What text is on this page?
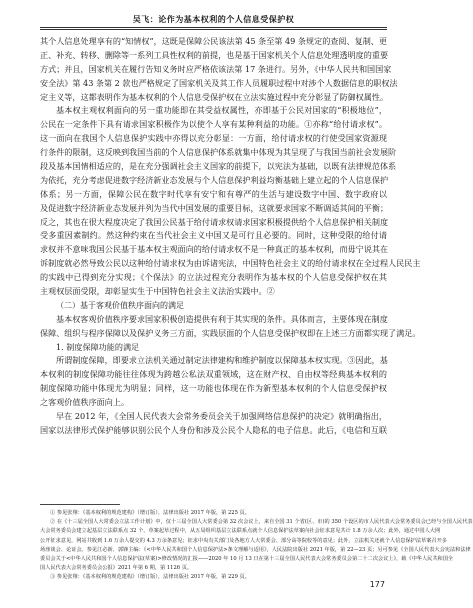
吴飞：论作为基本权利的个人信息受保护权
其个人信息处理享有的“知情权”，这既是保障公民该法第 45 条至第 49 条规定的查阅、复制、更
正、补充、转移、删除等一系列工具性权利的前提，也是基于国家机关个人信息处理透明度的重要
方式；并且，国家机关在履行告知义务时应严格依该法第 17 条进行。另外，《中华人民共和国国家
安全法》第 43 条第 2 款也严格规定了国家机关及其工作人员履职过程中对涉个人数据信息的职权法
定主义等，这都表明作为基本权利的个人信息受保护权在立法实施过程中充分彰显了防御权属性。
基本权主观权利面向的另一重功能即在其受益权属性，亦即基于公民对国家的“积极地位”，
公民在一定条件下具有请求国家积极作为以使个人享有某种利益的功能。①亦称“给付请求权”。
这一面向在我国个人信息保护实践中亦得以充分彰显：一方面，给付请求权的行使受国家资源现
行条件的限制，这反映到我国当前的个人信息保护体系就集中体现为其呈现了与我国当前社会发展阶
段及基本国情相适应的，是在充分强调社会主义国家的前提下，以宪法为基础，以既有法律规范体系
为依托，充分考虑促进数字经济新业态发展与个人信息保护利益均衡基础上建立起的个人信息保护
体系；另一方面，保障公民在数字时代享有安宁和有尊严的生活与建设数字中国、数字政府以
及促进数字经济新业态发展并列为当代中国发展的重要目标，这就要求国家不断调适其间的平衡；
反之，其也在很大程度决定了我国公民基于给付请求权请求国家积极提供给个人信息保护相关制度
受多重因素制约。然这种约束在当代社会主义中国又是可行且必要的。同时，这种受限的给付请
求权并不意味我国公民基于基本权主观面向的给付请求权不是一种真正的基本权利，而毋宁说其在
诉制度就必然导致公民以这种给付请求权为由诉诸宪法，中国特色社会主义的给付请求权在全过程人民民主
的实践中已得到充分实现；《个保法》的立法过程充分表明作为基本权的个人信息受保护权在其
主观权层面受限，却彰显实生于中国特色社会主义法治实践中。②
（二）基于客观价值秩序面向的满足
基本权客观价值秩序要求国家积极创造提供有利于其实现的条件。具体而言，主要体现在制度
保障、组织与程序保障以及保护义务三方面，实践层面的个人信息受保护权即在上述三方面都实现了满足。
1. 制度保障功能的满足
所谓制度保障，即要求立法机关通过制定法律建构和维护制度以保障基本权实现。③因此，基
本权利的制度保障功能往往体现为跨越公私法双重领域，这在财产权、自由权等经典基本权利的
制度保障功能中体现尤为明显；同样，这一功能也体现在作为新型基本权利的个人信息受保护权
之客观价值秩序面向上。
早在 2012 年，《全国人民代表大会常务委员会关于加强网络信息保护的决定》就明确指出，
国家以法律形式保护能够识别公民个人身份和涉及公民个人隐私的电子信息。此后，《电信和互联
① 参见张翔：《基本权利的规范建构》（增订版），法律出版社 2017 年版，第 225 页。
② 在《十三届全国人大常委会立法工作计划》中，仅十三届全国人大常委会第 32 次会议上，来自全国 31 个省(区、市)的 350 个设区的市人民代表大会常务委员会已经与全国人民代表
大会常务委员会建立起基层立法联系点 32 个，草案起草过程中，从五局组织基层立法联系点就个人信息保护法草案向社会征求意见共计 1.8 万余人次；此外，通过中国人大网
公开征求意见，网站共收到 1.6 万余人提交的 4.3 万余条意见；征求中央有关部门及各地方人大常委会、部分高等院校等的意见；此外，立法机关还就个人信息保护法草案召开多
场座谈会、论证会。参见江必新、郭锋主编：《<中华人民共和国个人信息保护法>条文理解与适用》，人民法院出版社 2021 年版，第 22—23 页；另可参见《全国人民代表大会宪法和法律
委员会关于<中华人民共和国个人信息保护法(草案)>修改情况的汇报——2020 年 10 月 13 日在第十三届全国人民代表大会常务委员会第二十二次会议上》，载《中华人民共和国全
国人民代表大会常务委员会公报》2021 年第 6 期，第 1126 页。
③ 参见张翔：《基本权利的规范建构》（增订版），法律出版社 2017 年版，第 229 页。
177
